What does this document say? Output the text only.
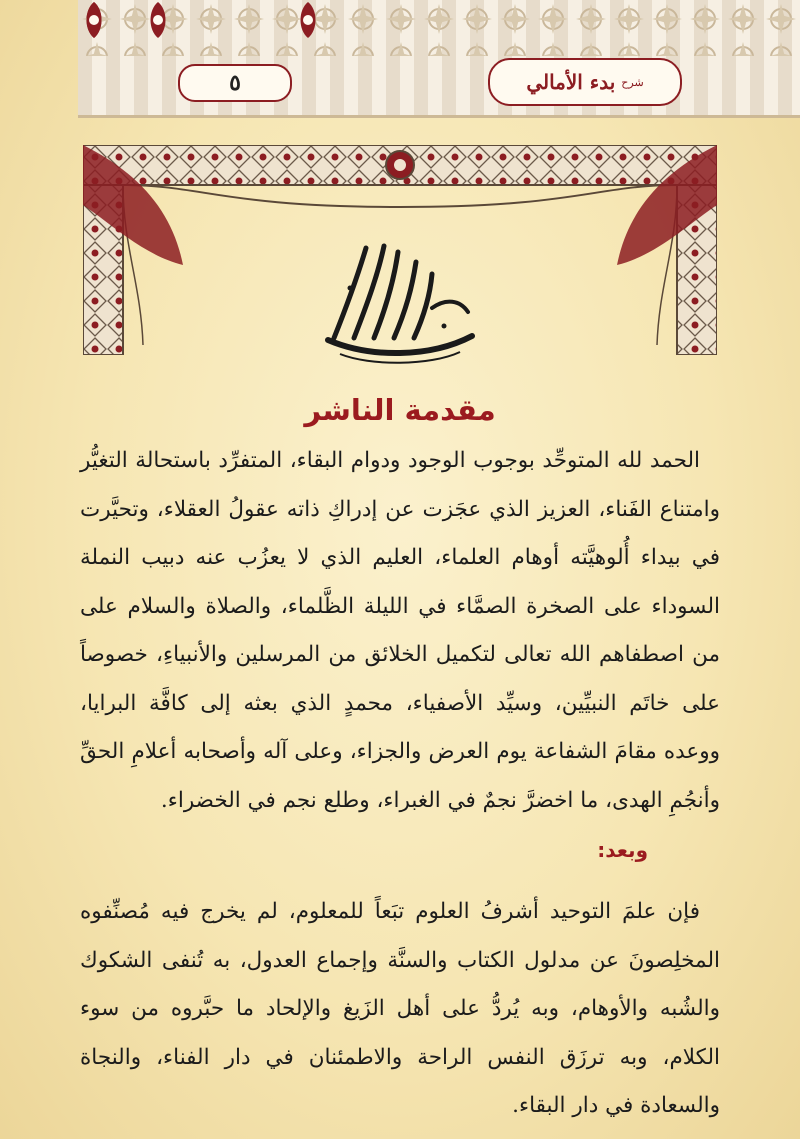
بدء الأمالي شرح
٥
مقدمة الناشر

الحمد لله المتوحِّد بوجوب الوجود ودوام البقاء، المتفرِّد باستحالة التغيُّر وامتناع الفَناء، العزيز الذي عجَزت عن إدراكِ ذاته عقولُ العقلاء، وتحيَّرت في بيداء أُلوهيَّته أوهام العلماء، العليم الذي لا يعزُب عنه دبيب النملة السوداء على الصخرة الصمَّاء في الليلة الظَّلماء، والصلاة والسلام على من اصطفاهم الله تعالى لتكميل الخلائق من المرسلين والأنبياءِ، خصوصاً على خاتَم النبيِّين، وسيِّد الأصفياء، محمدٍ الذي بعثه إلى كافَّة البرايا، ووعده مقامَ الشفاعة يوم العرض والجزاء، وعلى آله وأصحابه أعلامِ الحقِّ وأنجُمِ الهدى، ما اخضرَّ نجمٌ في الغبراء، وطلع نجم في الخضراء.

وبعد:

فإن علمَ التوحيد أشرفُ العلوم تبَعاً للمعلوم، لم يخرج فيه مُصنِّفوه المخلِصونَ عن مدلول الكتاب والسنَّة وإجماع العدول، به تُنفى الشكوك والشُبه والأوهام، وبه يُردُّ على أهل الزَيغ والإلحاد ما حبَّروه من سوء الكلام، وبه ترزَق النفس الراحة والاطمئنان في دار الفناء، والنجاة والسعادة في دار البقاء.
